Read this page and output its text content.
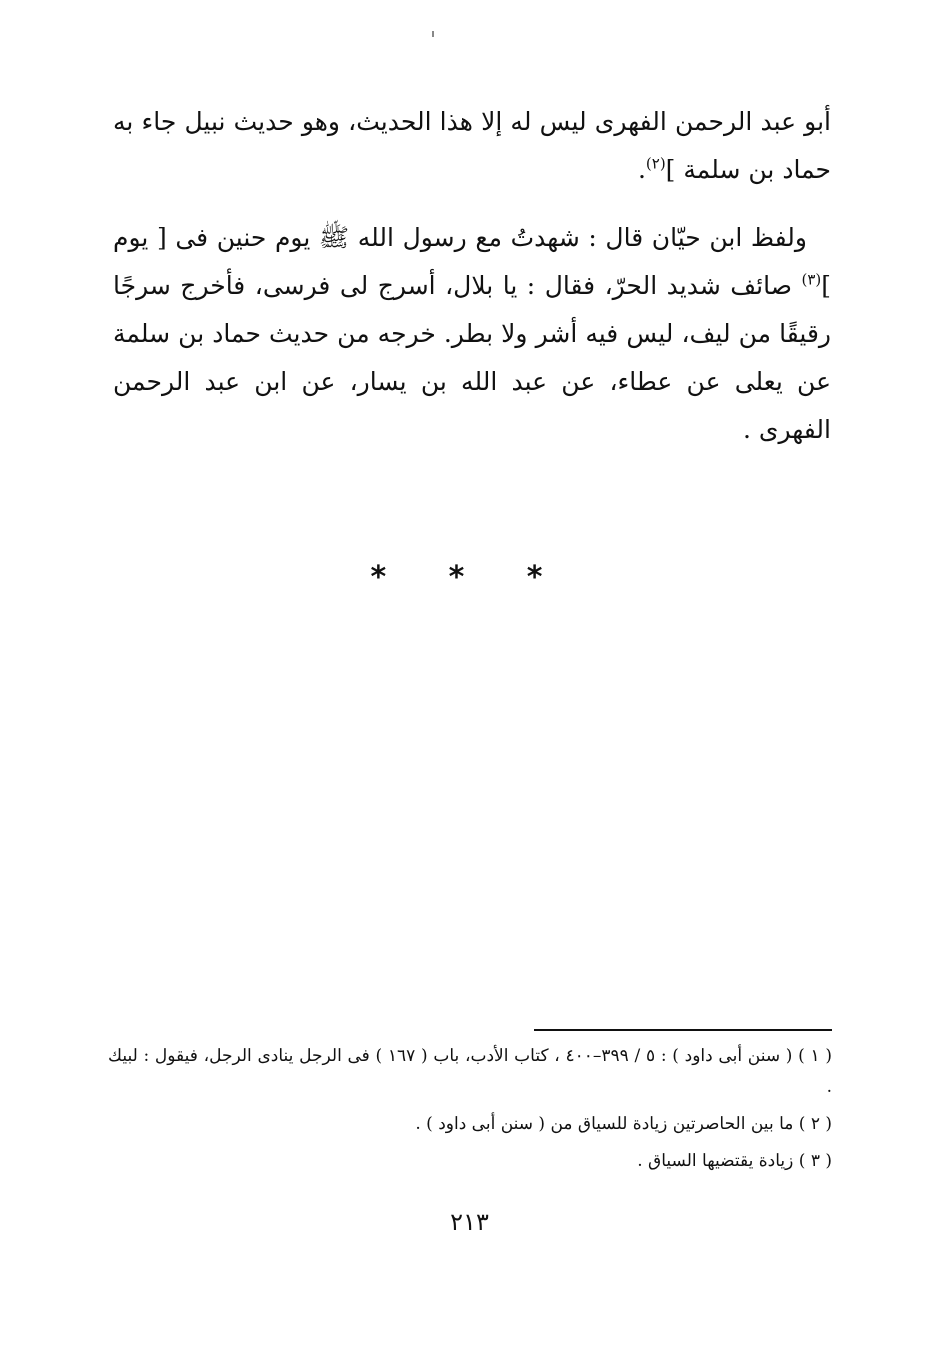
أبو عبد الرحمن الفهرى ليس له إلا هذا الحديث، وهو حديث نبيل جاء به حماد بن سلمة ]$^{(٢)}$.

ولفظ ابن حيّان قال : شهدتُ مع رسول الله ﷺ يوم حنين فى [ يوم ]$^{(٣)}$ صائف شديد الحرّ، فقال : يا بلال، أسرج لى فرسى، فأخرج سرجًا رقيقًا من ليف، ليس فيه أشر ولا بطر. خرجه من حديث حماد بن سلمة عن يعلى عن عطاء، عن عبد الله بن يسار، عن ابن عبد الرحمن الفهرى .

* * *

( ١ ) ( سنن أبى داود ) : ٥ / ٣٩٩–٤٠٠ ، كتاب الأدب، باب ( ١٦٧ ) فى الرجل ينادى الرجل، فيقول : لبيك .

( ٢ ) ما بين الحاصرتين زيادة للسياق من ( سنن أبى داود ) .

( ٣ ) زيادة يقتضيها السياق .

٢١٣
